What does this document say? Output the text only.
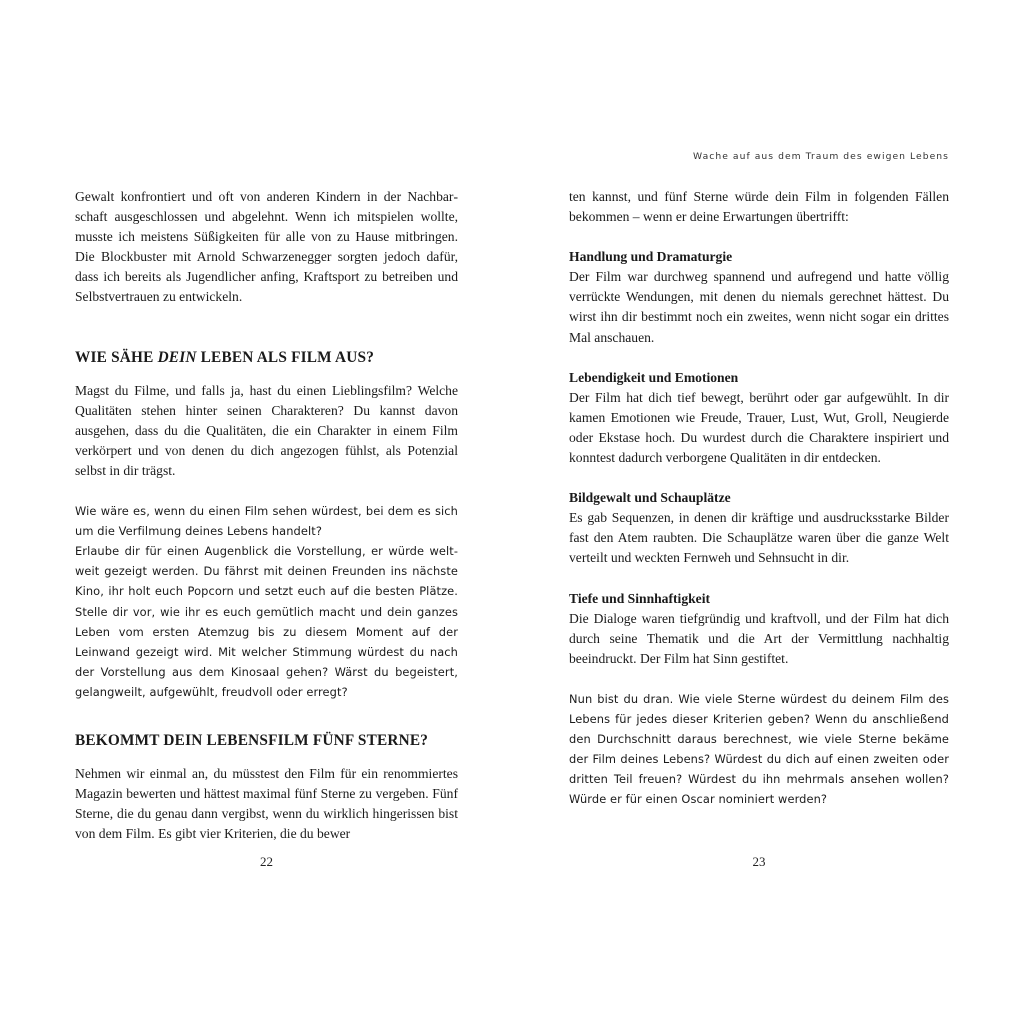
Gewalt konfrontiert und oft von anderen Kindern in der Nachbarschaft ausgeschlossen und abgelehnt. Wenn ich mitspielen wollte, musste ich meistens Süßigkeiten für alle von zu Hause mitbringen. Die Blockbuster mit Arnold Schwarzenegger sorgten jedoch dafür, dass ich bereits als Jugendlicher anfing, Kraftsport zu betreiben und Selbstvertrauen zu entwickeln.

WIE SÄHE DEIN LEBEN ALS FILM AUS?

Magst du Filme, und falls ja, hast du einen Lieblingsfilm? Welche Qualitäten stehen hinter seinen Charakteren? Du kannst davon ausgehen, dass du die Qualitäten, die ein Charakter in einem Film verkörpert und von denen du dich angezogen fühlst, als Potenzial selbst in dir trägst.

Wie wäre es, wenn du einen Film sehen würdest, bei dem es sich um die Verfilmung deines Lebens handelt?

Erlaube dir für einen Augenblick die Vorstellung, er würde weltweit gezeigt werden. Du fährst mit deinen Freunden ins nächste Kino, ihr holt euch Popcorn und setzt euch auf die besten Plätze. Stelle dir vor, wie ihr es euch gemütlich macht und dein ganzes Leben vom ersten Atemzug bis zu diesem Moment auf der Leinwand gezeigt wird. Mit welcher Stimmung würdest du nach der Vorstellung aus dem Kinosaal gehen? Wärst du begeistert, gelangweilt, aufgewühlt, freudvoll oder erregt?

BEKOMMT DEIN LEBENSFILM FÜNF STERNE?

Nehmen wir einmal an, du müsstest den Film für ein renommiertes Magazin bewerten und hättest maximal fünf Sterne zu vergeben. Fünf Sterne, die du genau dann vergibst, wenn du wirklich hingerissen bist von dem Film. Es gibt vier Kriterien, die du bewer

22
Wache auf aus dem Traum des ewigen Lebens

ten kannst, und fünf Sterne würde dein Film in folgenden Fällen bekommen – wenn er deine Erwartungen übertrifft:

Handlung und Dramaturgie

Der Film war durchweg spannend und aufregend und hatte völlig verrückte Wendungen, mit denen du niemals gerechnet hättest. Du wirst ihn dir bestimmt noch ein zweites, wenn nicht sogar ein drittes Mal anschauen.

Lebendigkeit und Emotionen

Der Film hat dich tief bewegt, berührt oder gar aufgewühlt. In dir kamen Emotionen wie Freude, Trauer, Lust, Wut, Groll, Neugierde oder Ekstase hoch. Du wurdest durch die Charaktere inspiriert und konntest dadurch verborgene Qualitäten in dir entdecken.

Bildgewalt und Schauplätze

Es gab Sequenzen, in denen dir kräftige und ausdrucksstarke Bilder fast den Atem raubten. Die Schauplätze waren über die ganze Welt verteilt und weckten Fernweh und Sehnsucht in dir.

Tiefe und Sinnhaftigkeit

Die Dialoge waren tiefgründig und kraftvoll, und der Film hat dich durch seine Thematik und die Art der Vermittlung nachhaltig beeindruckt. Der Film hat Sinn gestiftet.

Nun bist du dran. Wie viele Sterne würdest du deinem Film des Lebens für jedes dieser Kriterien geben? Wenn du anschließend den Durchschnitt daraus berechnest, wie viele Sterne bekäme der Film deines Lebens? Würdest du dich auf einen zweiten oder dritten Teil freuen? Würdest du ihn mehrmals ansehen wollen? Würde er für einen Oscar nominiert werden?

23
